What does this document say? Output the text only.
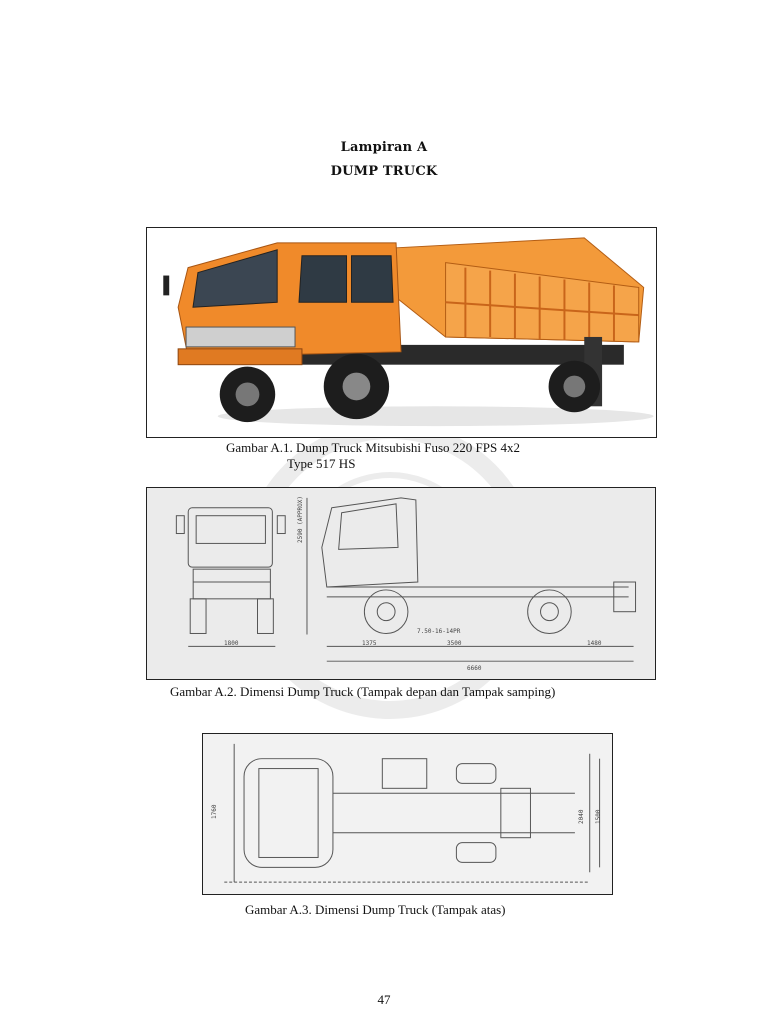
Lampiran A
DUMP TRUCK
Gambar A.1. Dump Truck Mitsubishi Fuso 220 FPS 4x2
Type 517 HS
1800
2590 (APPROX)
1375	3500	1480
6660
7.50-16-14PR
Gambar A.2. Dimensi Dump Truck (Tampak depan dan Tampak samping)
1760	2040 1500
Gambar A.3. Dimensi Dump Truck (Tampak atas)
47
